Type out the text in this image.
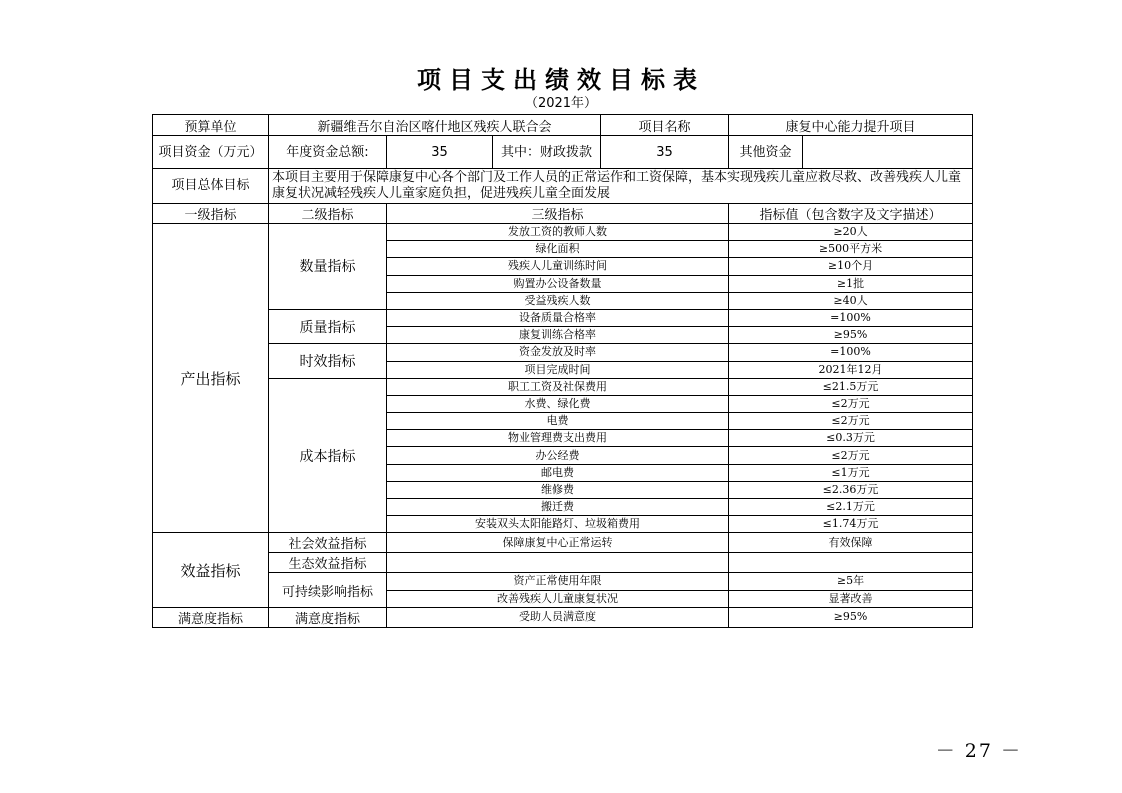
项目支出绩效目标表
（2021年）
预算单位	新疆维吾尔自治区喀什地区残疾人联合会			项目名称	康复中心能力提升项目	
项目资金（万元）	年度资金总额:	35	其中：财政拨款	35	其他资金	
项目总体目标	本项目主要用于保障康复中心各个部门及工作人员的正常运作和工资保障，基本实现残疾儿童应救尽救、改善残疾人儿童康复状况减轻残疾人儿童家庭负担，促进残疾儿童全面发展					
一级指标	二级指标	三级指标			指标值（包含数字及文字描述）	
产出指标	数量指标	发放工资的教师人数			≥20人	
		绿化面积			≥500平方米	
		残疾人儿童训练时间			≥10个月	
		购置办公设备数量			≥1批	
		受益残疾人数			≥40人	
	质量指标	设备质量合格率			=100%	
		康复训练合格率			≥95%	
	时效指标	资金发放及时率			=100%	
		项目完成时间			2021年12月	
	成本指标	职工工资及社保费用			≤21.5万元	
		水费、绿化费			≤2万元	
		电费			≤2万元	
		物业管理费支出费用			≤0.3万元	
		办公经费			≤2万元	
		邮电费			≤1万元	
		维修费			≤2.36万元	
		搬迁费			≤2.1万元	
		安装双头太阳能路灯、垃圾箱费用			≤1.74万元	
效益指标	社会效益指标	保障康复中心正常运转			有效保障	
	生态效益指标					
	可持续影响指标	资产正常使用年限			≥5年	
		改善残疾人儿童康复状况			显著改善	
满意度指标	满意度指标	受助人员满意度			≥95%	
－ 27 －
